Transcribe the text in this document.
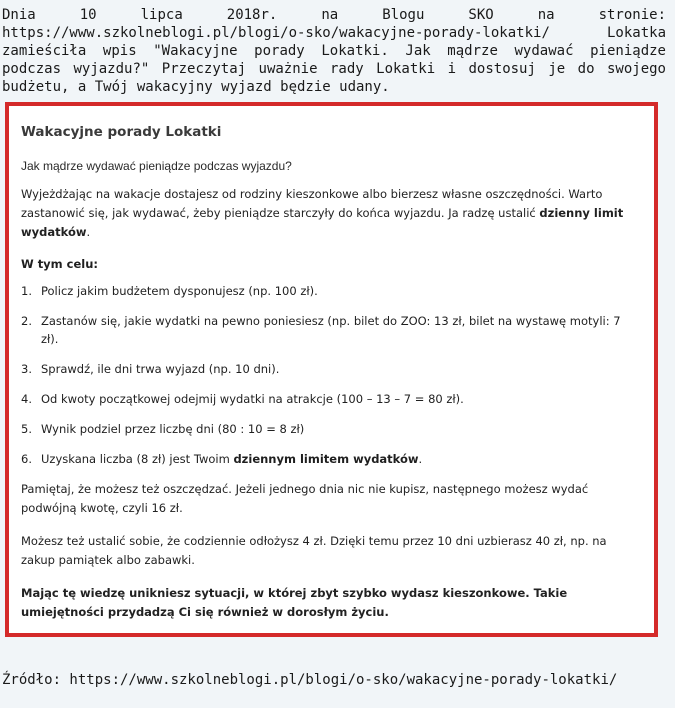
Dnia 10 lipca 2018r. na Blogu SKO na stronie: https://www.szkolneblogi.pl/blogi/o-sko/wakacyjne-porady-lokatki/ Lokatka zamieściła wpis "Wakacyjne porady Lokatki. Jak mądrze wydawać pieniądze podczas wyjazdu?" Przeczytaj uważnie rady Lokatki i dostosuj je do swojego budżetu, a Twój wakacyjny wyjazd będzie udany.

Wakacyjne porady Lokatki

Jak mądrze wydawać pieniądze podczas wyjazdu?

Wyjeżdżając na wakacje dostajesz od rodziny kieszonkowe albo bierzesz własne oszczędności. Warto zastanowić się, jak wydawać, żeby pieniądze starczyły do końca wyjazdu. Ja radzę ustalić dzienny limit wydatków.

W tym celu:

1. Policz jakim budżetem dysponujesz (np. 100 zł).
2. Zastanów się, jakie wydatki na pewno poniesiesz (np. bilet do ZOO: 13 zł, bilet na wystawę motyli: 7 zł).
3. Sprawdź, ile dni trwa wyjazd (np. 10 dni).
4. Od kwoty początkowej odejmij wydatki na atrakcje (100 – 13 – 7 = 80 zł).
5. Wynik podziel przez liczbę dni (80 : 10 = 8 zł)
6. Uzyskana liczba (8 zł) jest Twoim dziennym limitem wydatków.

Pamiętaj, że możesz też oszczędzać. Jeżeli jednego dnia nic nie kupisz, następnego możesz wydać podwójną kwotę, czyli 16 zł.

Możesz też ustalić sobie, że codziennie odłożysz 4 zł. Dzięki temu przez 10 dni uzbierasz 40 zł, np. na zakup pamiątek albo zabawki.

Mając tę wiedzę unikniesz sytuacji, w której zbyt szybko wydasz kieszonkowe. Takie umiejętności przydadzą Ci się również w dorosłym życiu.

Źródło: https://www.szkolneblogi.pl/blogi/o-sko/wakacyjne-porady-lokatki/
